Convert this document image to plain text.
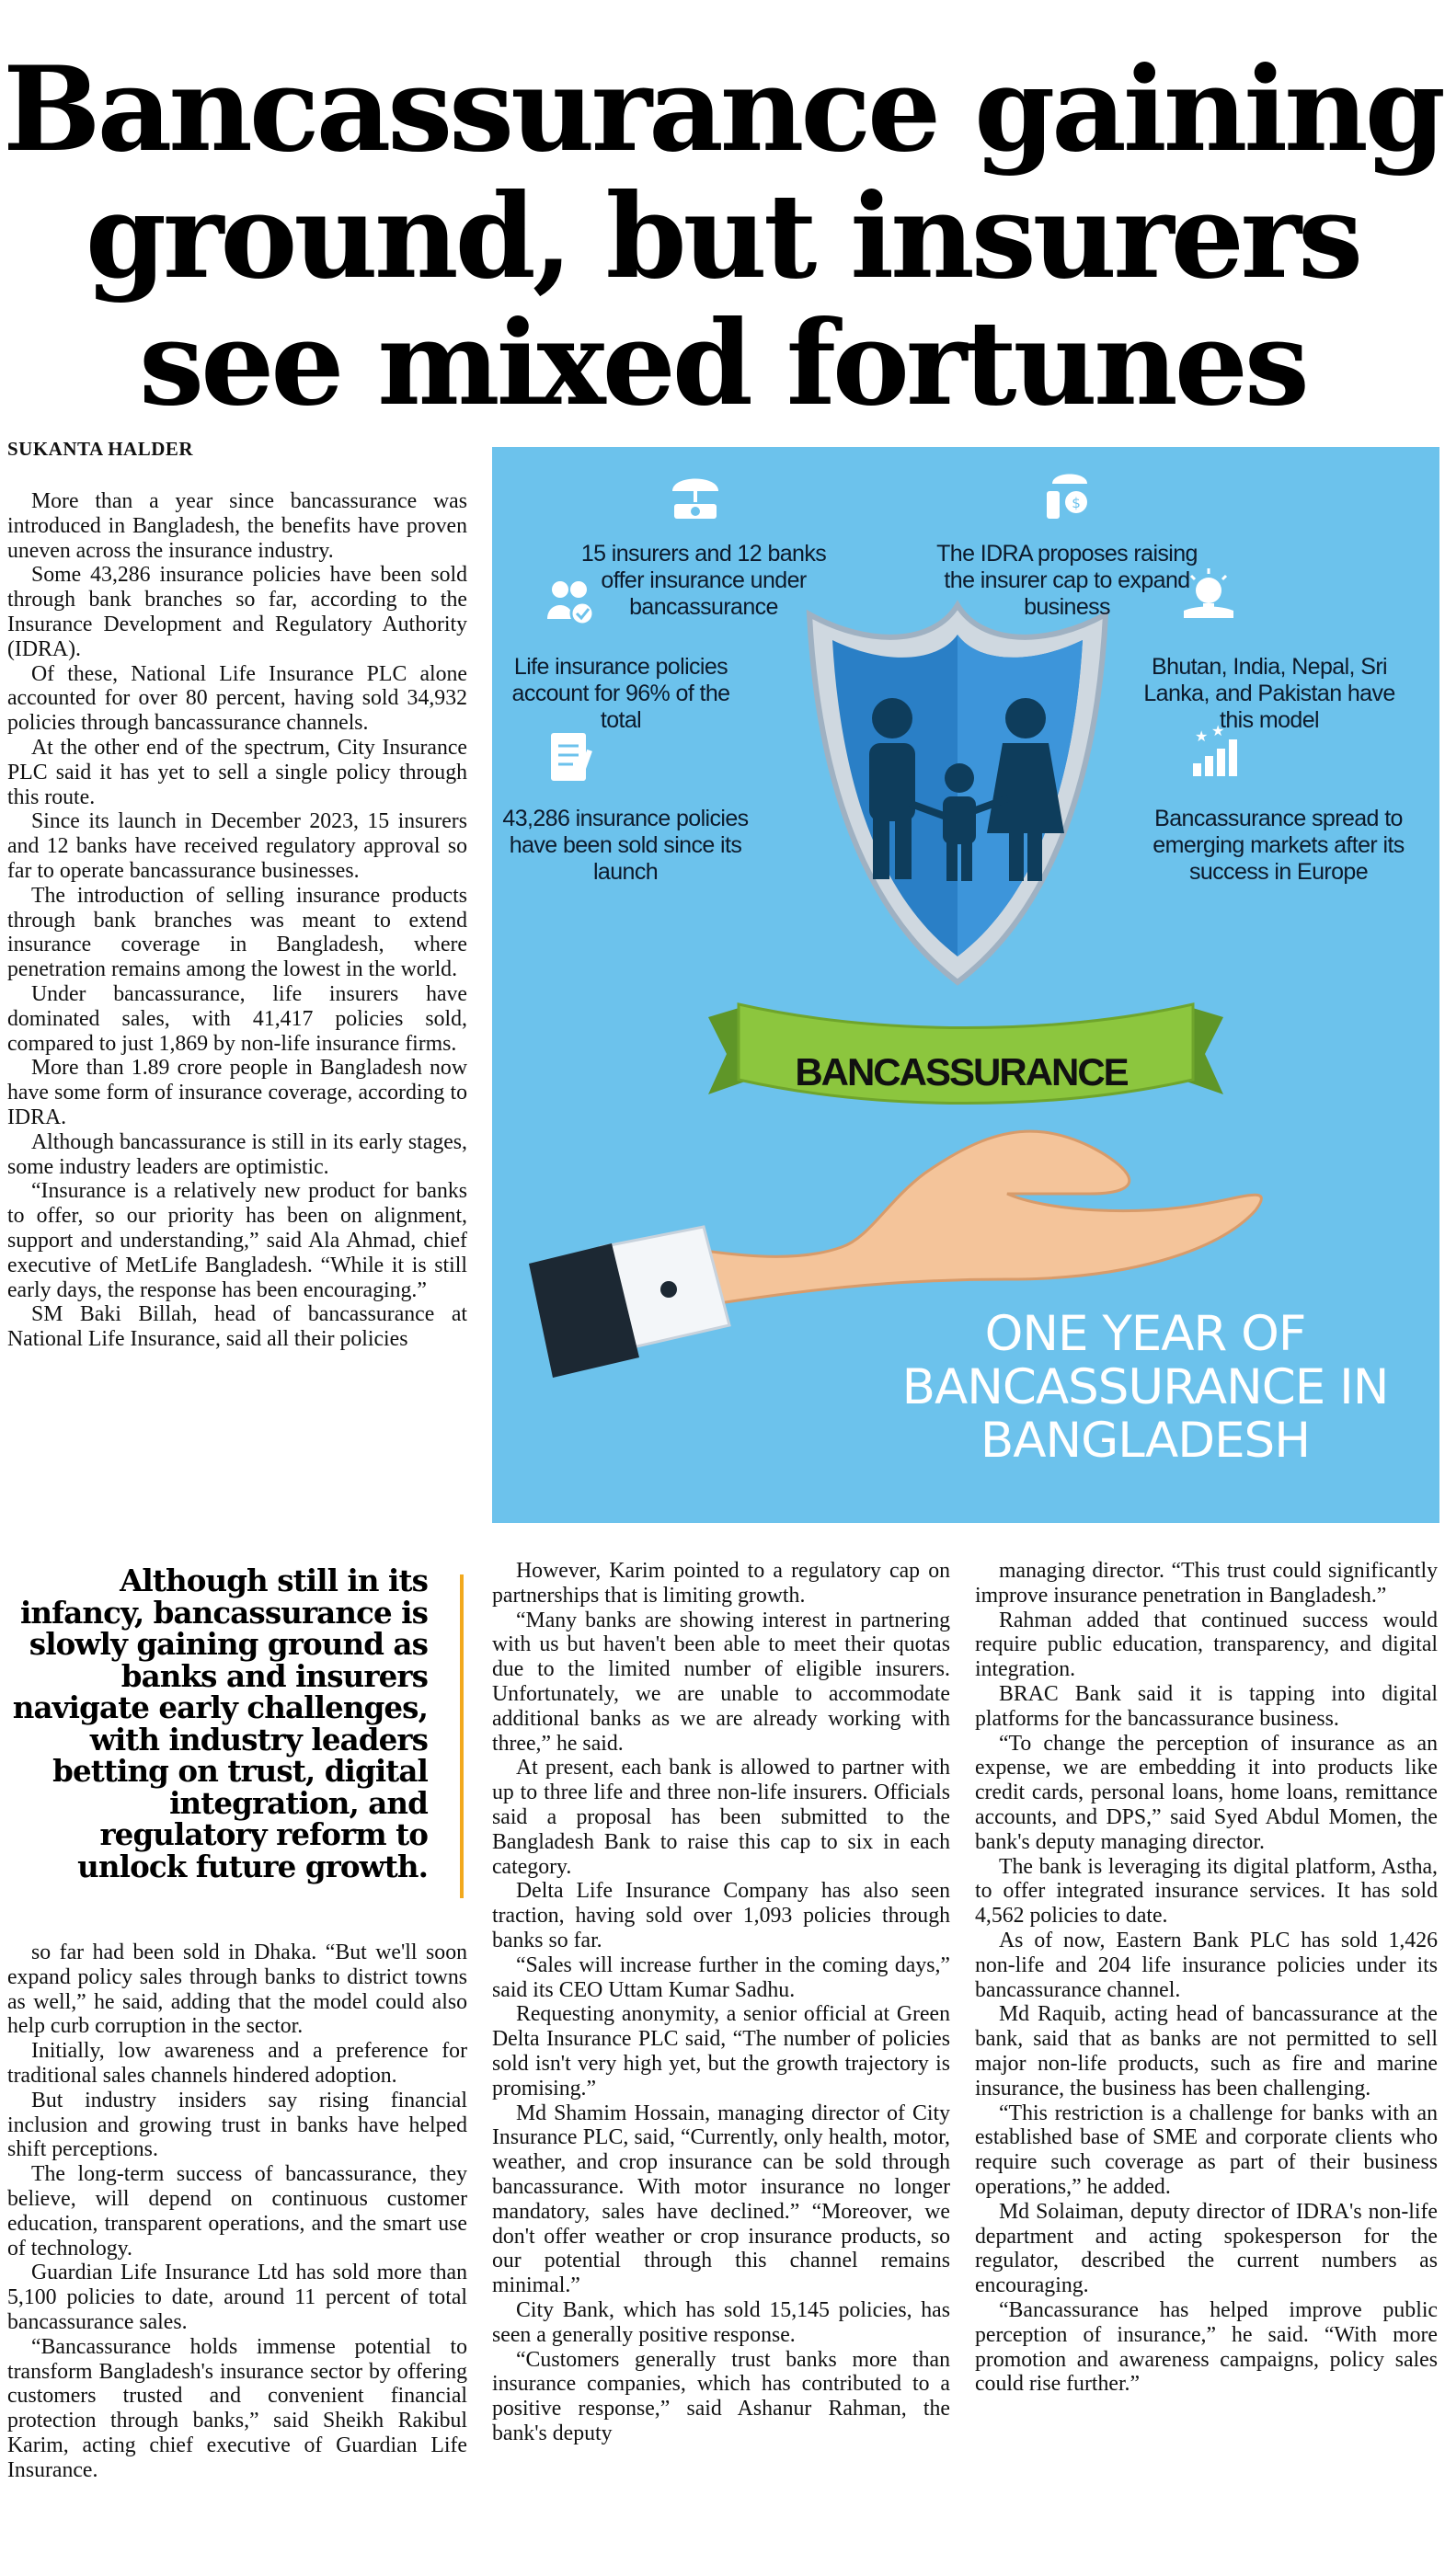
Bancassurance gaining ground, but insurers see mixed fortunes
SUKANTA HALDER

More than a year since bancassurance was introduced in Bangladesh, the benefits have proven uneven across the insurance industry.

Some 43,286 insurance policies have been sold through bank branches so far, according to the Insurance Development and Regulatory Authority (IDRA).

Of these, National Life Insurance PLC alone accounted for over 80 percent, having sold 34,932 policies through bancassurance channels.

At the other end of the spectrum, City Insurance PLC said it has yet to sell a single policy through this route.

Since its launch in December 2023, 15 insurers and 12 banks have received regulatory approval so far to operate bancassurance businesses.

The introduction of selling insurance products through bank branches was meant to extend insurance coverage in Bangladesh, where penetration remains among the lowest in the world.

Under bancassurance, life insurers have dominated sales, with 41,417 policies sold, compared to just 1,869 by non-life insurance firms.

More than 1.89 crore people in Bangladesh now have some form of insurance coverage, according to IDRA.

Although bancassurance is still in its early stages, some industry leaders are optimistic.

“Insurance is a relatively new product for banks to offer, so our priority has been on alignment, support and understanding,” said Ala Ahmad, chief executive of MetLife Bangladesh. “While it is still early days, the response has been encouraging.”

SM Baki Billah, head of bancassurance at National Life Insurance, said all their policies

$
★ ★
15 insurers and 12 banks offer insurance under bancassurance
The IDRA proposes raising the insurer cap to expand business
Life insurance policies account for 96% of the total
Bhutan, India, Nepal, Sri Lanka, and Pakistan have this model
43,286 insurance policies have been sold since its launch
Bancassurance spread to emerging markets after its success in Europe
BANCASSURANCE
ONE YEAR OF
BANCASSURANCE IN
BANGLADESH
Although still in its infancy, bancassurance is slowly gaining ground as banks and insurers navigate early challenges, with industry leaders betting on trust, digital integration, and regulatory reform to unlock future growth.

so far had been sold in Dhaka. “But we'll soon expand policy sales through banks to district towns as well,” he said, adding that the model could also help curb corruption in the sector.

Initially, low awareness and a preference for traditional sales channels hindered adoption.

But industry insiders say rising financial inclusion and growing trust in banks have helped shift perceptions.

The long-term success of bancassurance, they believe, will depend on continuous customer education, transparent operations, and the smart use of technology.

Guardian Life Insurance Ltd has sold more than 5,100 policies to date, around 11 percent of total bancassurance sales.

“Bancassurance holds immense potential to transform Bangladesh's insurance sector by offering customers trusted and convenient financial protection through banks,” said Sheikh Rakibul Karim, acting chief executive of Guardian Life Insurance.

However, Karim pointed to a regulatory cap on partnerships that is limiting growth.

“Many banks are showing interest in partnering with us but haven't been able to meet their quotas due to the limited number of eligible insurers. Unfortunately, we are unable to accommodate additional banks as we are already working with three,” he said.

At present, each bank is allowed to partner with up to three life and three non-life insurers. Officials said a proposal has been submitted to the Bangladesh Bank to raise this cap to six in each category.

Delta Life Insurance Company has also seen traction, having sold over 1,093 policies through banks so far.

“Sales will increase further in the coming days,” said its CEO Uttam Kumar Sadhu.

Requesting anonymity, a senior official at Green Delta Insurance PLC said, “The number of policies sold isn't very high yet, but the growth trajectory is promising.”

Md Shamim Hossain, managing director of City Insurance PLC, said, “Currently, only health, motor, weather, and crop insurance can be sold through bancassurance. With motor insurance no longer mandatory, sales have declined.” “Moreover, we don't offer weather or crop insurance products, so our potential through this channel remains minimal.”

City Bank, which has sold 15,145 policies, has seen a generally positive response.

“Customers generally trust banks more than insurance companies, which has contributed to a positive response,” said Ashanur Rahman, the bank's deputy

managing director. “This trust could significantly improve insurance penetration in Bangladesh.”

Rahman added that continued success would require public education, transparency, and digital integration.

BRAC Bank said it is tapping into digital platforms for the bancassurance business.

“To change the perception of insurance as an expense, we are embedding it into products like credit cards, personal loans, home loans, remittance accounts, and DPS,” said Syed Abdul Momen, the bank's deputy managing director.

The bank is leveraging its digital platform, Astha, to offer integrated insurance services. It has sold 4,562 policies to date.

As of now, Eastern Bank PLC has sold 1,426 non-life and 204 life insurance policies under its bancassurance channel.

Md Raquib, acting head of bancassurance at the bank, said that as banks are not permitted to sell major non-life products, such as fire and marine insurance, the business has been challenging.

“This restriction is a challenge for banks with an established base of SME and corporate clients who require such coverage as part of their business operations,” he added.

Md Solaiman, deputy director of IDRA's non-life department and acting spokesperson for the regulator, described the current numbers as encouraging.

“Bancassurance has helped improve public perception of insurance,” he said. “With more promotion and awareness campaigns, policy sales could rise further.”
